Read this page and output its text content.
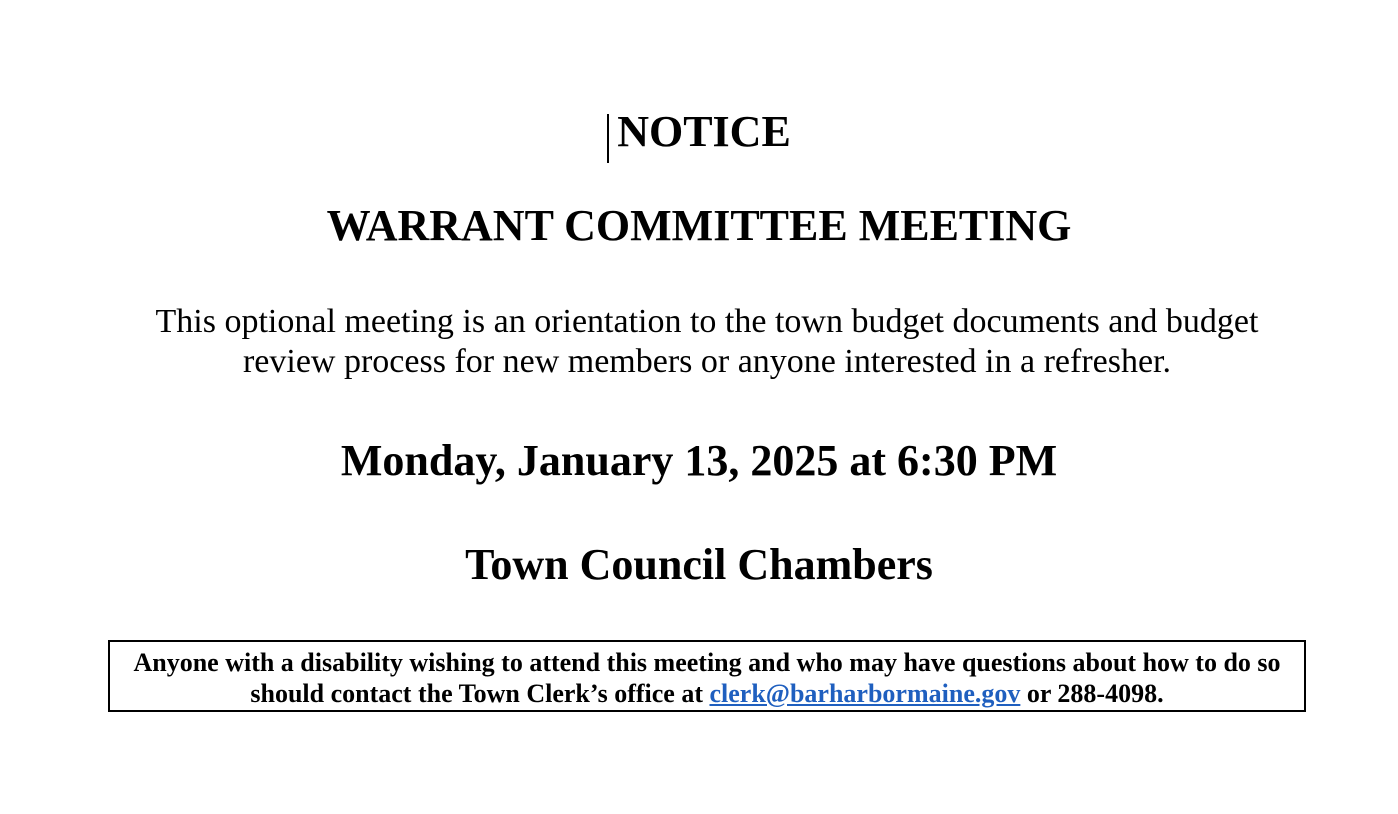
NOTICE
WARRANT COMMITTEE MEETING
This optional meeting is an orientation to the town budget documents and budget review process for new members or anyone interested in a refresher.
Monday, January 13, 2025 at 6:30 PM
Town Council Chambers
Anyone with a disability wishing to attend this meeting and who may have questions about how to do so should contact the Town Clerk’s office at clerk@barharbormaine.gov or 288-4098.
